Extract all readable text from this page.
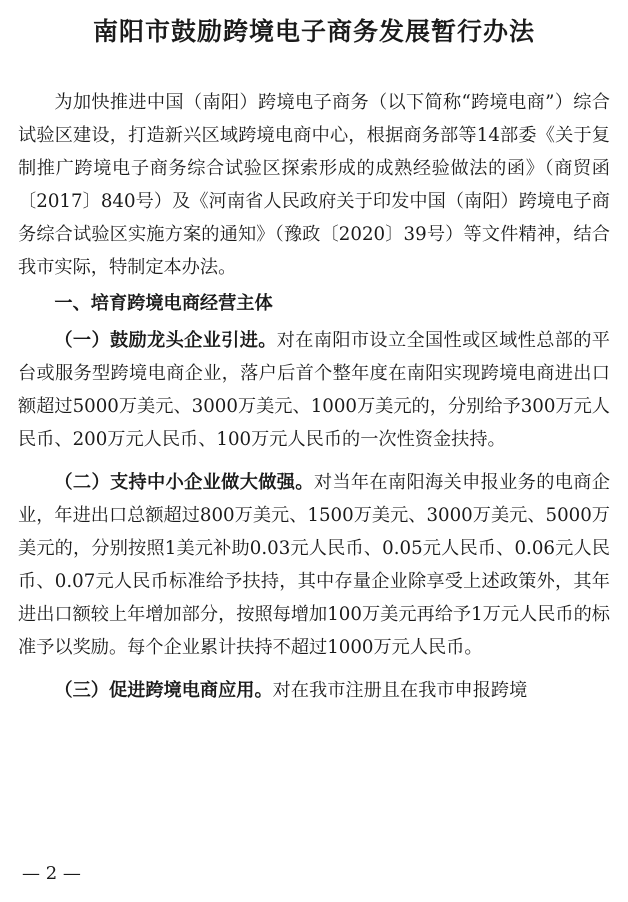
南阳市鼓励跨境电子商务发展暂行办法

为加快推进中国（南阳）跨境电子商务（以下简称“跨境电商”）综合试验区建设，打造新兴区域跨境电商中心，根据商务部等14部委《关于复制推广跨境电子商务综合试验区探索形成的成熟经验做法的函》（商贸函〔2017〕840号）及《河南省人民政府关于印发中国（南阳）跨境电子商务综合试验区实施方案的通知》（豫政〔2020〕39号）等文件精神，结合我市实际，特制定本办法。

一、培育跨境电商经营主体

（一）鼓励龙头企业引进。对在南阳市设立全国性或区域性总部的平台或服务型跨境电商企业，落户后首个整年度在南阳实现跨境电商进出口额超过5000万美元、3000万美元、1000万美元的，分别给予300万元人民币、200万元人民币、100万元人民币的一次性资金扶持。

（二）支持中小企业做大做强。对当年在南阳海关申报业务的电商企业，年进出口总额超过800万美元、1500万美元、3000万美元、5000万美元的，分别按照1美元补助0.03元人民币、0.05元人民币、0.06元人民币、0.07元人民币标准给予扶持，其中存量企业除享受上述政策外，其年进出口额较上年增加部分，按照每增加100万美元再给予1万元人民币的标准予以奖励。每个企业累计扶持不超过1000万元人民币。

（三）促进跨境电商应用。对在我市注册且在我市申报跨境

— 2 —
